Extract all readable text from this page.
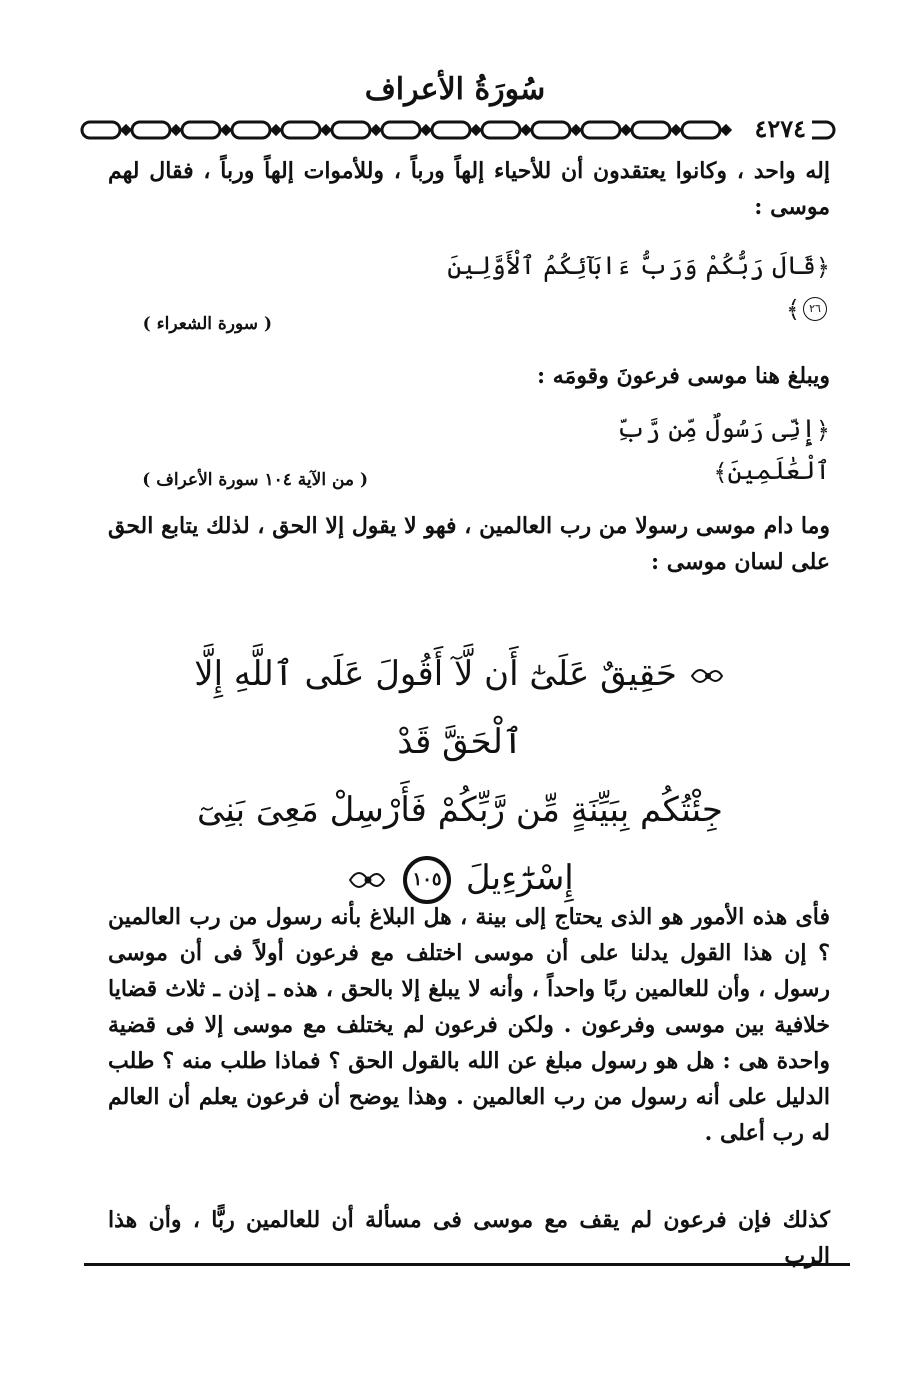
سُورَةُ الأعراف
٤٢٧٤
إله واحد ، وكانوا يعتقدون أن للأحياء إلهاً ورباً ، وللأموات إلهاً ورباً ، فقال لهم موسى :
﴿قَالَ رَبُّكُمْ وَرَبُّ ءَابَآئِكُمُ ٱلْأَوَّلِينَ٢٦﴾
( سورة الشعراء )
ويبلغ هنا موسى فرعونَ وقومَه :
﴿إِنِّى رَسُولٌ مِّن رَّبِّ ٱلْعَٰلَمِينَ﴾
( من الآية ١٠٤ سورة الأعراف )
وما دام موسى رسولا من رب العالمين ، فهو لا يقول إلا الحق ، لذلك يتابع الحق على لسان موسى :
حَقِيقٌ عَلَىٰٓ أَن لَّآ أَقُولَ عَلَى ٱللَّهِ إِلَّا ٱلْحَقَّ قَدْ
جِئْتُكُم بِبَيِّنَةٍ مِّن رَّبِّكُمْ فَأَرْسِلْ مَعِىَ بَنِىٓ
إِسْرَٰٓءِيلَ ١٠٥
فأى هذه الأمور هو الذى يحتاج إلى بينة ، هل البلاغ بأنه رسول من رب العالمين ؟ إن هذا القول يدلنا على أن موسى اختلف مع فرعون أولاً فى أن موسى رسول ، وأن للعالمين ربًا واحداً ، وأنه لا يبلغ إلا بالحق ، هذه ـ إذن ـ ثلاث قضايا خلافية بين موسى وفرعون . ولكن فرعون لم يختلف مع موسى إلا فى قضية واحدة هى : هل هو رسول مبلغ عن الله بالقول الحق ؟ فماذا طلب منه ؟ طلب الدليل على أنه رسول من رب العالمين . وهذا يوضح أن فرعون يعلم أن العالم له رب أعلى .
كذلك فإن فرعون لم يقف مع موسى فى مسألة أن للعالمين ربًّا ، وأن هذا الرب
